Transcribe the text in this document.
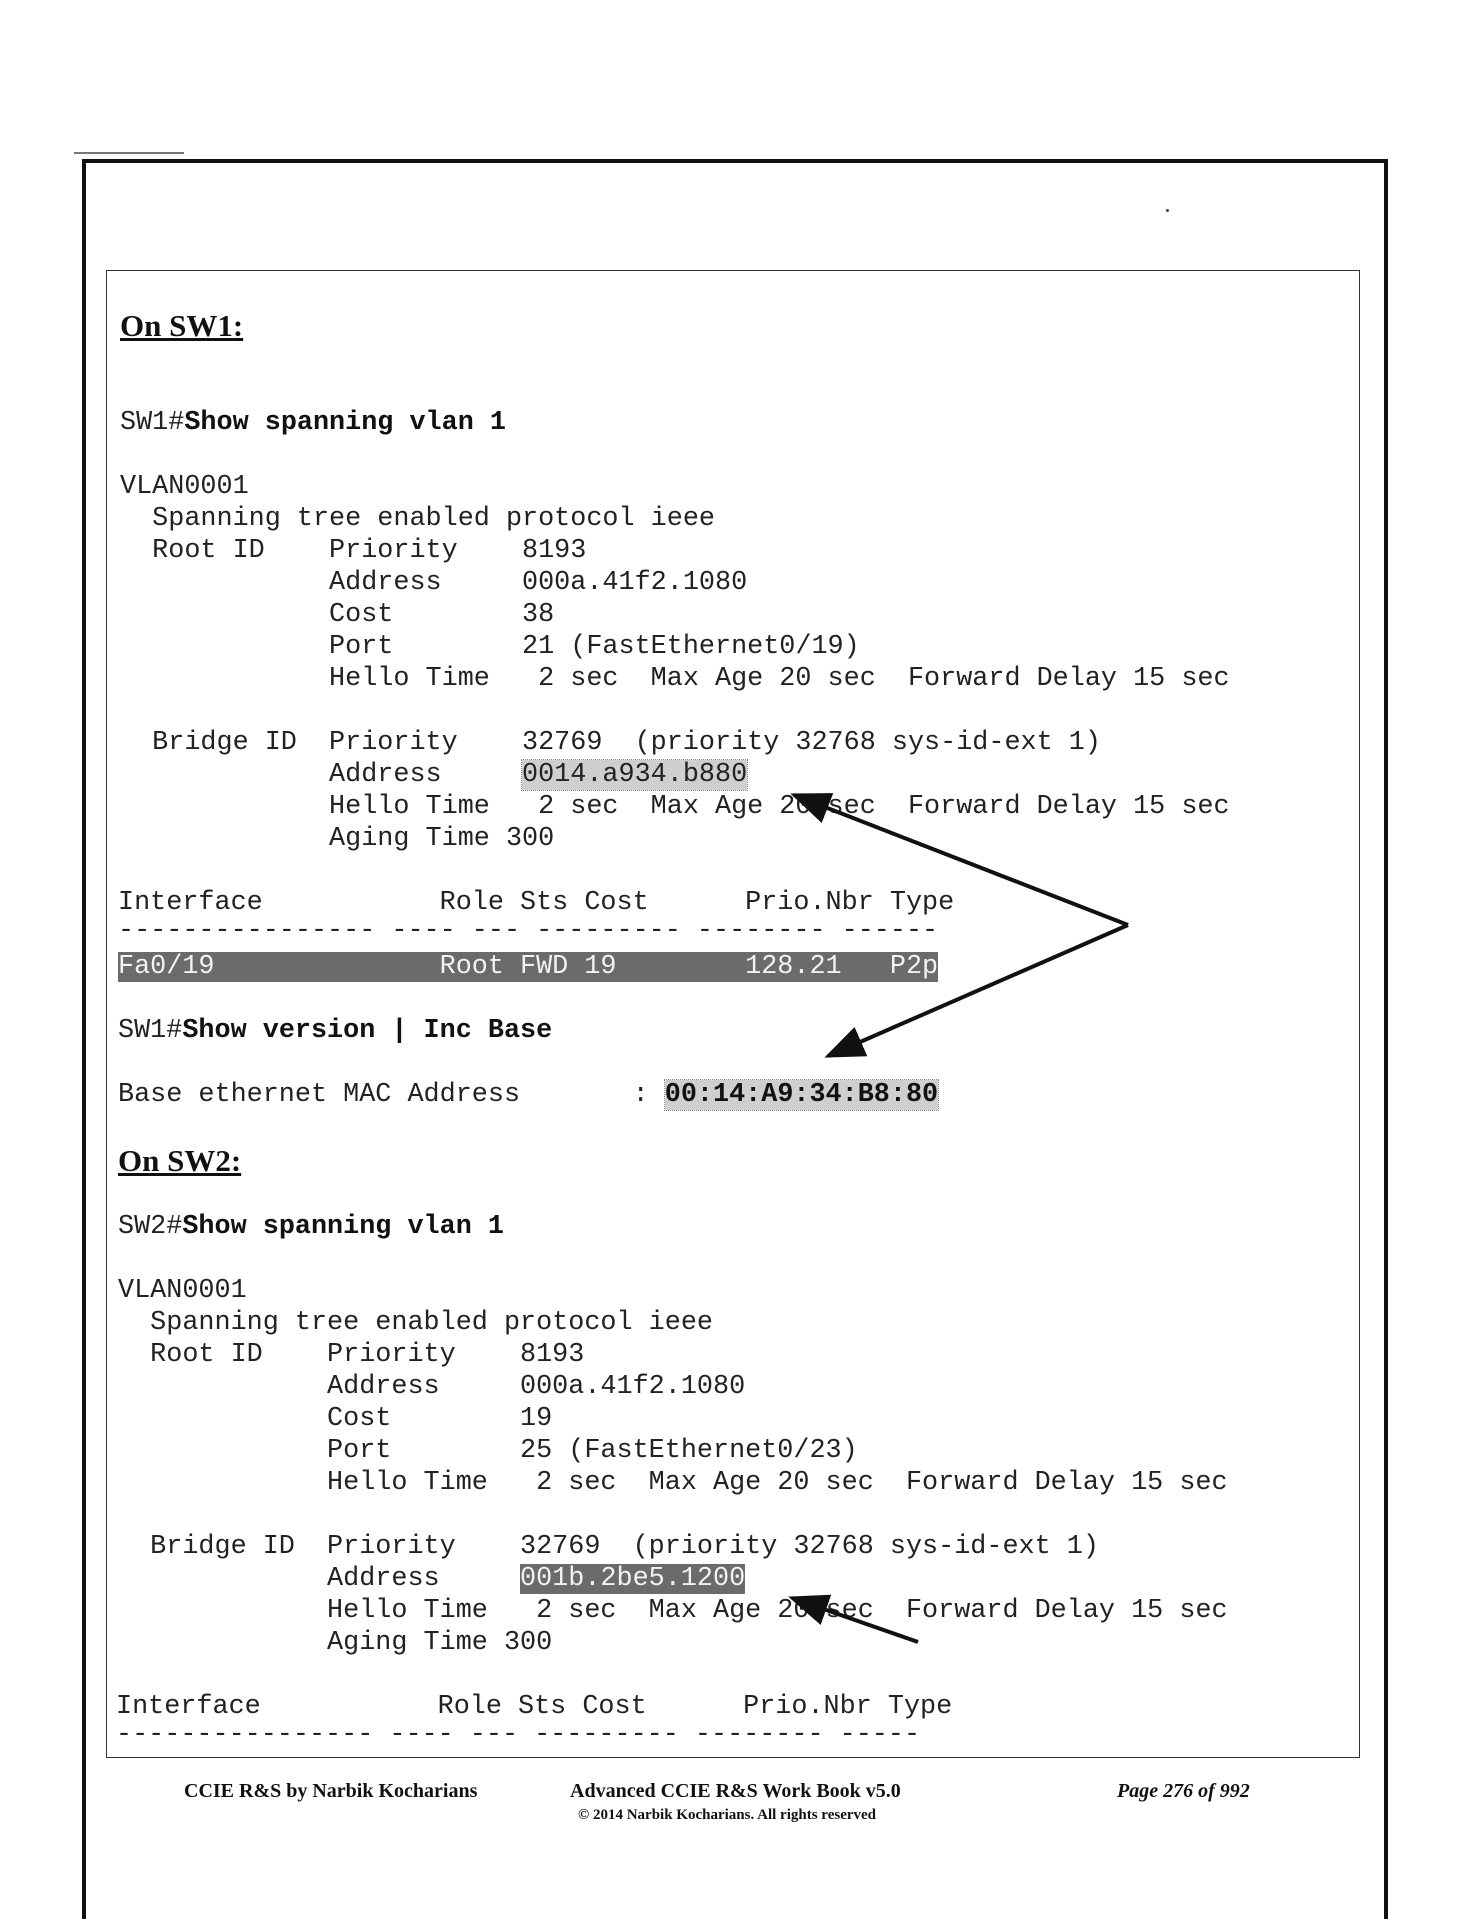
On SW1:

SW1#Show spanning vlan 1

VLAN0001

Spanning tree enabled protocol ieee

Root ID    Priority    8193

Address     000a.41f2.1080

Cost        38

Port        21 (FastEthernet0/19)

Hello Time   2 sec  Max Age 20 sec  Forward Delay 15 sec

Bridge ID  Priority    32769  (priority 32768 sys-id-ext 1)

Address     0014.a934.b880

Hello Time   2 sec  Max Age 20 sec  Forward Delay 15 sec

Aging Time 300

Interface           Role Sts Cost      Prio.Nbr Type

---------------- ---- --- --------- -------- ------

Fa0/19              Root FWD 19        128.21   P2p

SW1#Show version | Inc Base

Base ethernet MAC Address       : 00:14:A9:34:B8:80

On SW2:

SW2#Show spanning vlan 1

VLAN0001

Spanning tree enabled protocol ieee

Root ID    Priority    8193

Address     000a.41f2.1080

Cost        19

Port        25 (FastEthernet0/23)

Hello Time   2 sec  Max Age 20 sec  Forward Delay 15 sec

Bridge ID  Priority    32769  (priority 32768 sys-id-ext 1)

Address     001b.2be5.1200

Hello Time   2 sec  Max Age 20 sec  Forward Delay 15 sec

Aging Time 300

Interface           Role Sts Cost      Prio.Nbr Type

---------------- ---- --- --------- -------- -----

CCIE R&S by Narbik Kocharians	Advanced CCIE R&S Work Book v5.0
© 2014 Narbik Kocharians. All rights reserved
Page 276 of 992
